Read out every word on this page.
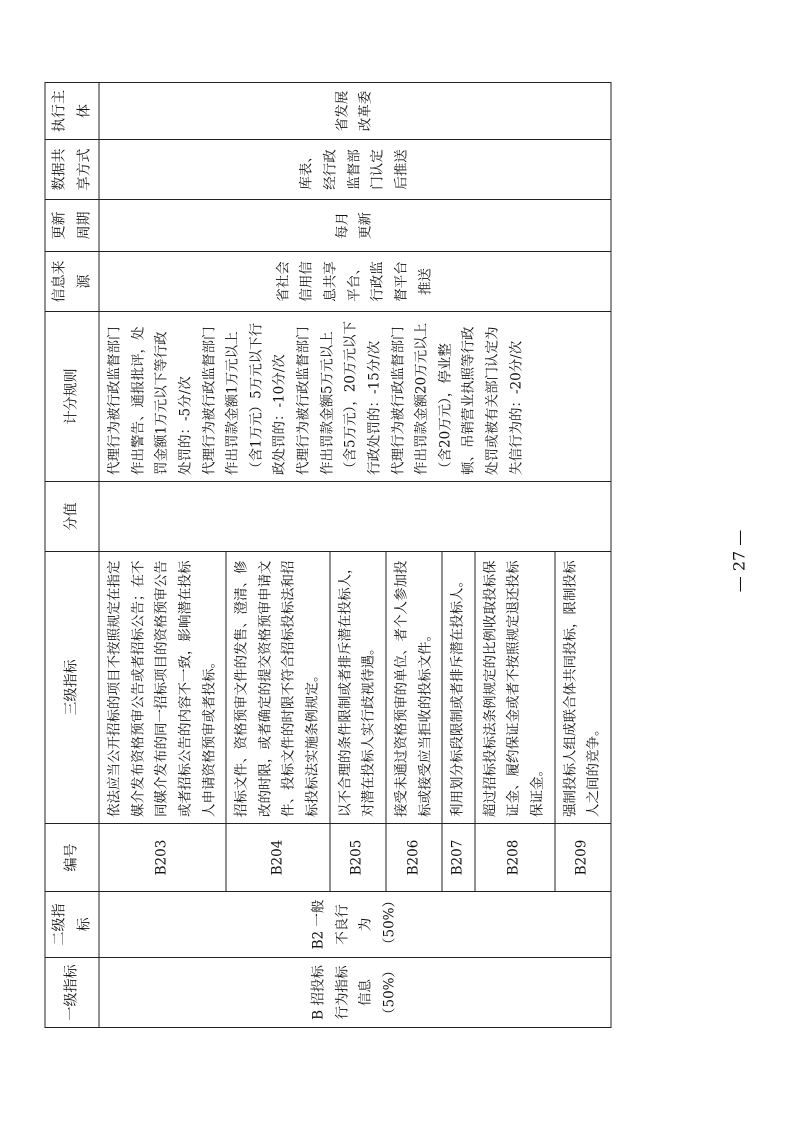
一级指标	二级指标	编号	三级指标	分值	计分规则	信息来源	更新周期	数据共享方式	执行主体
B 招投标行为指标信息（50%）	B2 一般不良行为（50%）	B203	依法应当公开招标的项目不按照规定在指定媒介发布资格预审公告或者招标公告；在不同媒介发布的同一招标项目的资格预审公告或者招标公告的内容不一致，影响潜在投标人申请资格预审或者投标。		代理行为被行政监督部门作出警告、通报批评，处罚金额1万元以下等行政处罚的：-5分/次 代理行为被行政监督部门作出罚款金额1万元以上（含1万元）5万元以下行政处罚的：-10分/次 代理行为被行政监督部门作出罚款金额5万元以上（含5万元），20万元以下行政处罚的：-15分/次 代理行为被行政监督部门作出罚款金额20万元以上（含20万元），停业整顿、吊销营业执照等行政处罚或被有关部门认定为失信行为的：-20分/次	省社会信用信息共享平台、行政监督平台推送	每月更新	库表、经行政监督部门认定后推送	省发展改革委
		B204	招标文件、资格预审文件的发售、澄清、修改的时限，或者确定的提交资格预审申请文件、投标文件的时限不符合招标投标法和招标投标法实施条例规定。						
		B205	以不合理的条件限制或者排斥潜在投标人，对潜在投标人实行歧视待遇。						
		B206	接受未通过资格预审的单位、者个人参加投标或接受应当拒收的投标文件。						
		B207	利用划分标段限制或者排斥潜在投标人。						
		B208	超过招标投标法条例规定的比例收取投标保证金、履约保证金或者不按照规定退还投标保证金。						
		B209	强制投标人组成联合体共同投标，限制投标人之间的竞争。						
— 27 —
